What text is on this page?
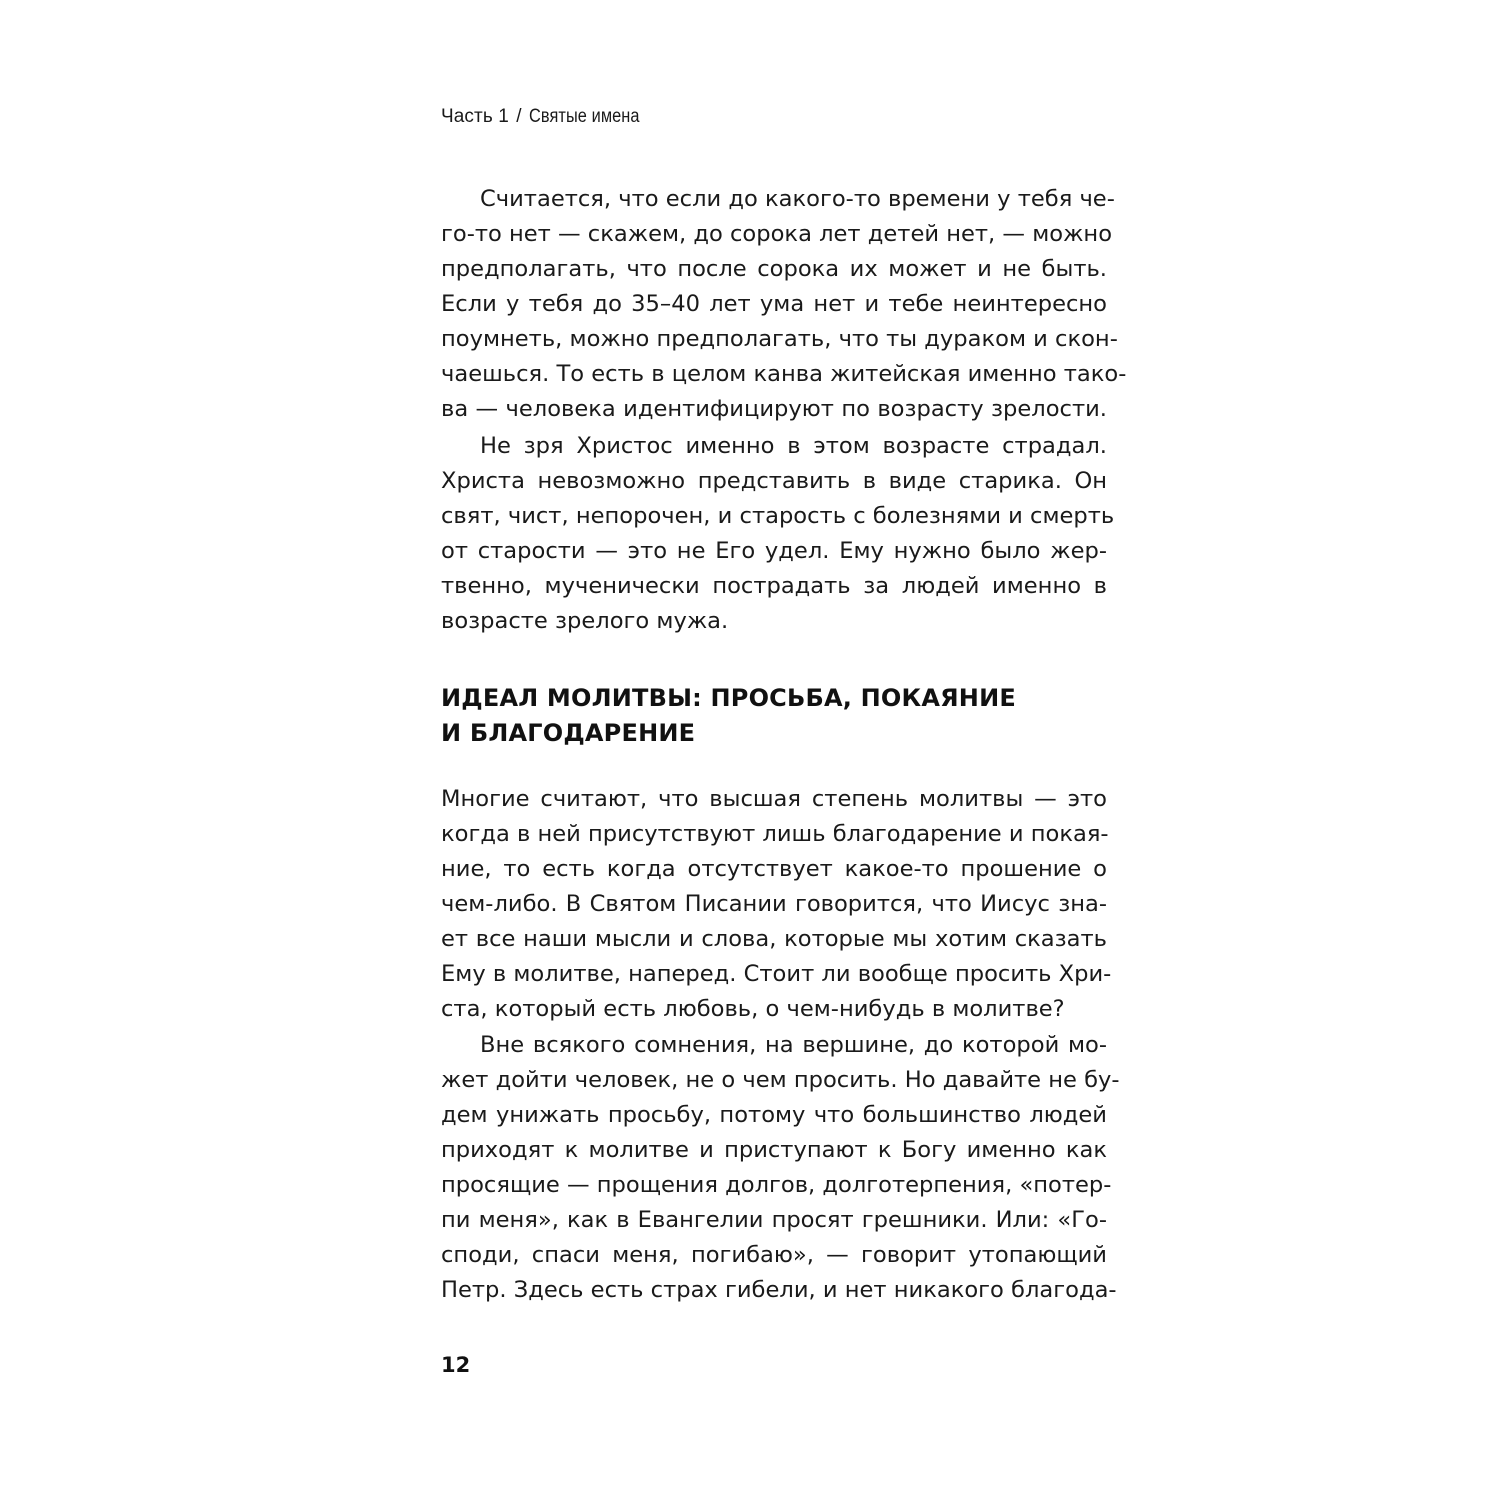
Часть 1 / Святые имена
Считается, что если до какого-то времени у тебя че-
го-то нет — скажем, до сорока лет детей нет, — можно
предполагать, что после сорока их может и не быть.
Если у тебя до 35–40 лет ума нет и тебе неинтересно
поумнеть, можно предполагать, что ты дураком и скон-
чаешься. То есть в целом канва житейская именно тако-
ва — человека идентифицируют по возрасту зрелости.
Не зря Христос именно в этом возрасте страдал.
Христа невозможно представить в виде старика. Он
свят, чист, непорочен, и старость с болезнями и смерть
от старости — это не Его удел. Ему нужно было жер-
твенно, мученически пострадать за людей именно в
возрасте зрелого мужа.
ИДЕАЛ МОЛИТВЫ: ПРОСЬБА, ПОКАЯНИЕ
И БЛАГОДАРЕНИЕ
Многие считают, что высшая степень молитвы — это
когда в ней присутствуют лишь благодарение и покая-
ние, то есть когда отсутствует какое-то прошение о
чем-либо. В Святом Писании говорится, что Иисус зна-
ет все наши мысли и слова, которые мы хотим сказать
Ему в молитве, наперед. Стоит ли вообще просить Хри-
ста, который есть любовь, о чем-нибудь в молитве?
Вне всякого сомнения, на вершине, до которой мо-
жет дойти человек, не о чем просить. Но давайте не бу-
дем унижать просьбу, потому что большинство людей
приходят к молитве и приступают к Богу именно как
просящие — прощения долгов, долготерпения, «потер-
пи меня», как в Евангелии просят грешники. Или: «Го-
споди, спаси меня, погибаю», — говорит утопающий
Петр. Здесь есть страх гибели, и нет никакого благода-
12
